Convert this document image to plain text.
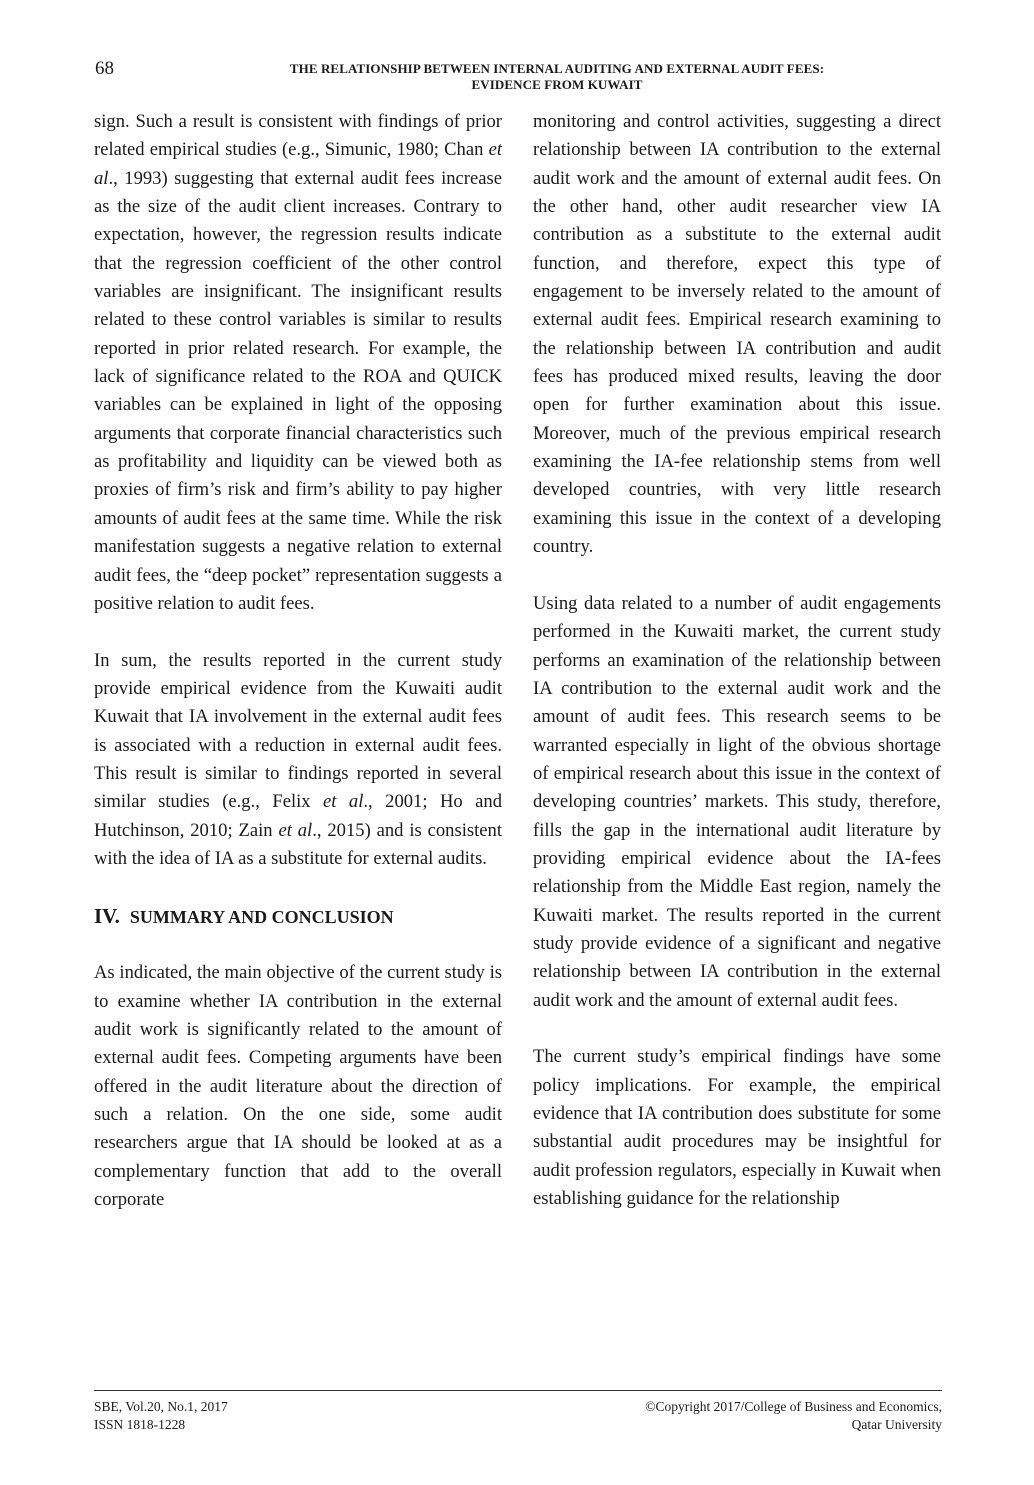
68	THE RELATIONSHIP BETWEEN INTERNAL AUDITING AND EXTERNAL AUDIT FEES:
EVIDENCE FROM KUWAIT

sign. Such a result is consistent with findings of prior related empirical studies (e.g., Simunic, 1980; Chan et al., 1993) suggesting that external audit fees increase as the size of the audit client increases. Contrary to expectation, however, the regression results indicate that the regression coefficient of the other control variables are insignificant. The insignificant results related to these control variables is similar to results reported in prior related research. For example, the lack of significance related to the ROA and QUICK variables can be explained in light of the opposing arguments that corporate financial characteristics such as profitability and liquidity can be viewed both as proxies of firm’s risk and firm’s ability to pay higher amounts of audit fees at the same time. While the risk manifestation suggests a negative relation to external audit fees, the “deep pocket” representation suggests a positive relation to audit fees.

In sum, the results reported in the current study provide empirical evidence from the Kuwaiti audit Kuwait that IA involvement in the external audit fees is associated with a reduction in external audit fees. This result is similar to findings reported in several similar studies (e.g., Felix et al., 2001; Ho and Hutchinson, 2010; Zain et al., 2015) and is consistent with the idea of IA as a substitute for external audits.

IV. SUMMARY AND CONCLUSION

As indicated, the main objective of the current study is to examine whether IA contribution in the external audit work is significantly related to the amount of external audit fees. Competing arguments have been offered in the audit literature about the direction of such a relation. On the one side, some audit researchers argue that IA should be looked at as a complementary function that add to the overall corporate

monitoring and control activities, suggesting a direct relationship between IA contribution to the external audit work and the amount of external audit fees. On the other hand, other audit researcher view IA contribution as a substitute to the external audit function, and therefore, expect this type of engagement to be inversely related to the amount of external audit fees. Empirical research examining to the relationship between IA contribution and audit fees has produced mixed results, leaving the door open for further examination about this issue. Moreover, much of the previous empirical research examining the IA-fee relationship stems from well developed countries, with very little research examining this issue in the context of a developing country.

Using data related to a number of audit engagements performed in the Kuwaiti market, the current study performs an examination of the relationship between IA contribution to the external audit work and the amount of audit fees. This research seems to be warranted especially in light of the obvious shortage of empirical research about this issue in the context of developing countries’ markets. This study, therefore, fills the gap in the international audit literature by providing empirical evidence about the IA-fees relationship from the Middle East region, namely the Kuwaiti market. The results reported in the current study provide evidence of a significant and negative relationship between IA contribution in the external audit work and the amount of external audit fees.

The current study’s empirical findings have some policy implications. For example, the empirical evidence that IA contribution does substitute for some substantial audit procedures may be insightful for audit profession regulators, especially in Kuwait when establishing guidance for the relationship

SBE, Vol.20, No.1, 2017
ISSN 1818-1228
©Copyright 2017/College of Business and Economics,
Qatar University
